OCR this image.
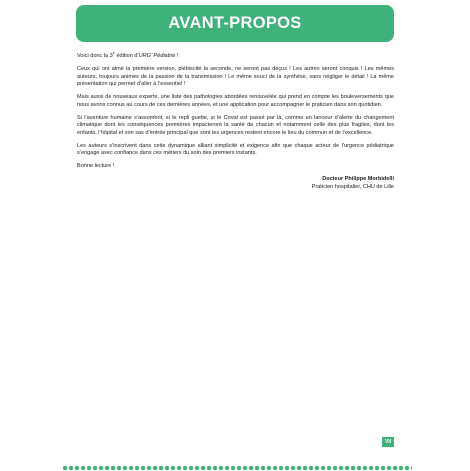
AVANT-PROPOS

Voici donc la 3e édition d’URG’ Pédiatrie !

Ceux qui ont aimé la première version, plébiscité la seconde, ne seront pas déçus ! Les autres seront conquis ! Les mêmes auteurs, toujours animés de la passion de la transmission ! Le même souci de la synthèse, sans négliger le détail ! La même présentation qui permet d’aller à l’essentiel !

Mais aussi de nouveaux experts, une liste des pathologies abordées renouvelée qui prend en compte les bouleversements que nous avons connus au cours de ces dernières années, et une application pour accompagner le praticien dans son quotidien.

Si l’aventure humaine s’assombrit, si le repli guette, si le Covid est passé par là, comme un lanceur d’alerte du changement climatique dont les conséquences premières impacteront la santé de chacun et notamment celle des plus fragiles, dont les enfants, l’hôpital et son sas d’entrée principal que sont les urgences restent encore le lieu du commun et de l’excellence.

Les auteurs s’inscrivent dans cette dynamique alliant simplicité et exigence afin que chaque acteur de l’urgence pédiatrique s’engage avec confiance dans ces métiers du soin des premiers instants.

Bonne lecture !

Docteur Philippe Morbidelli
Praticien hospitalier, CHU de Lille
VII
